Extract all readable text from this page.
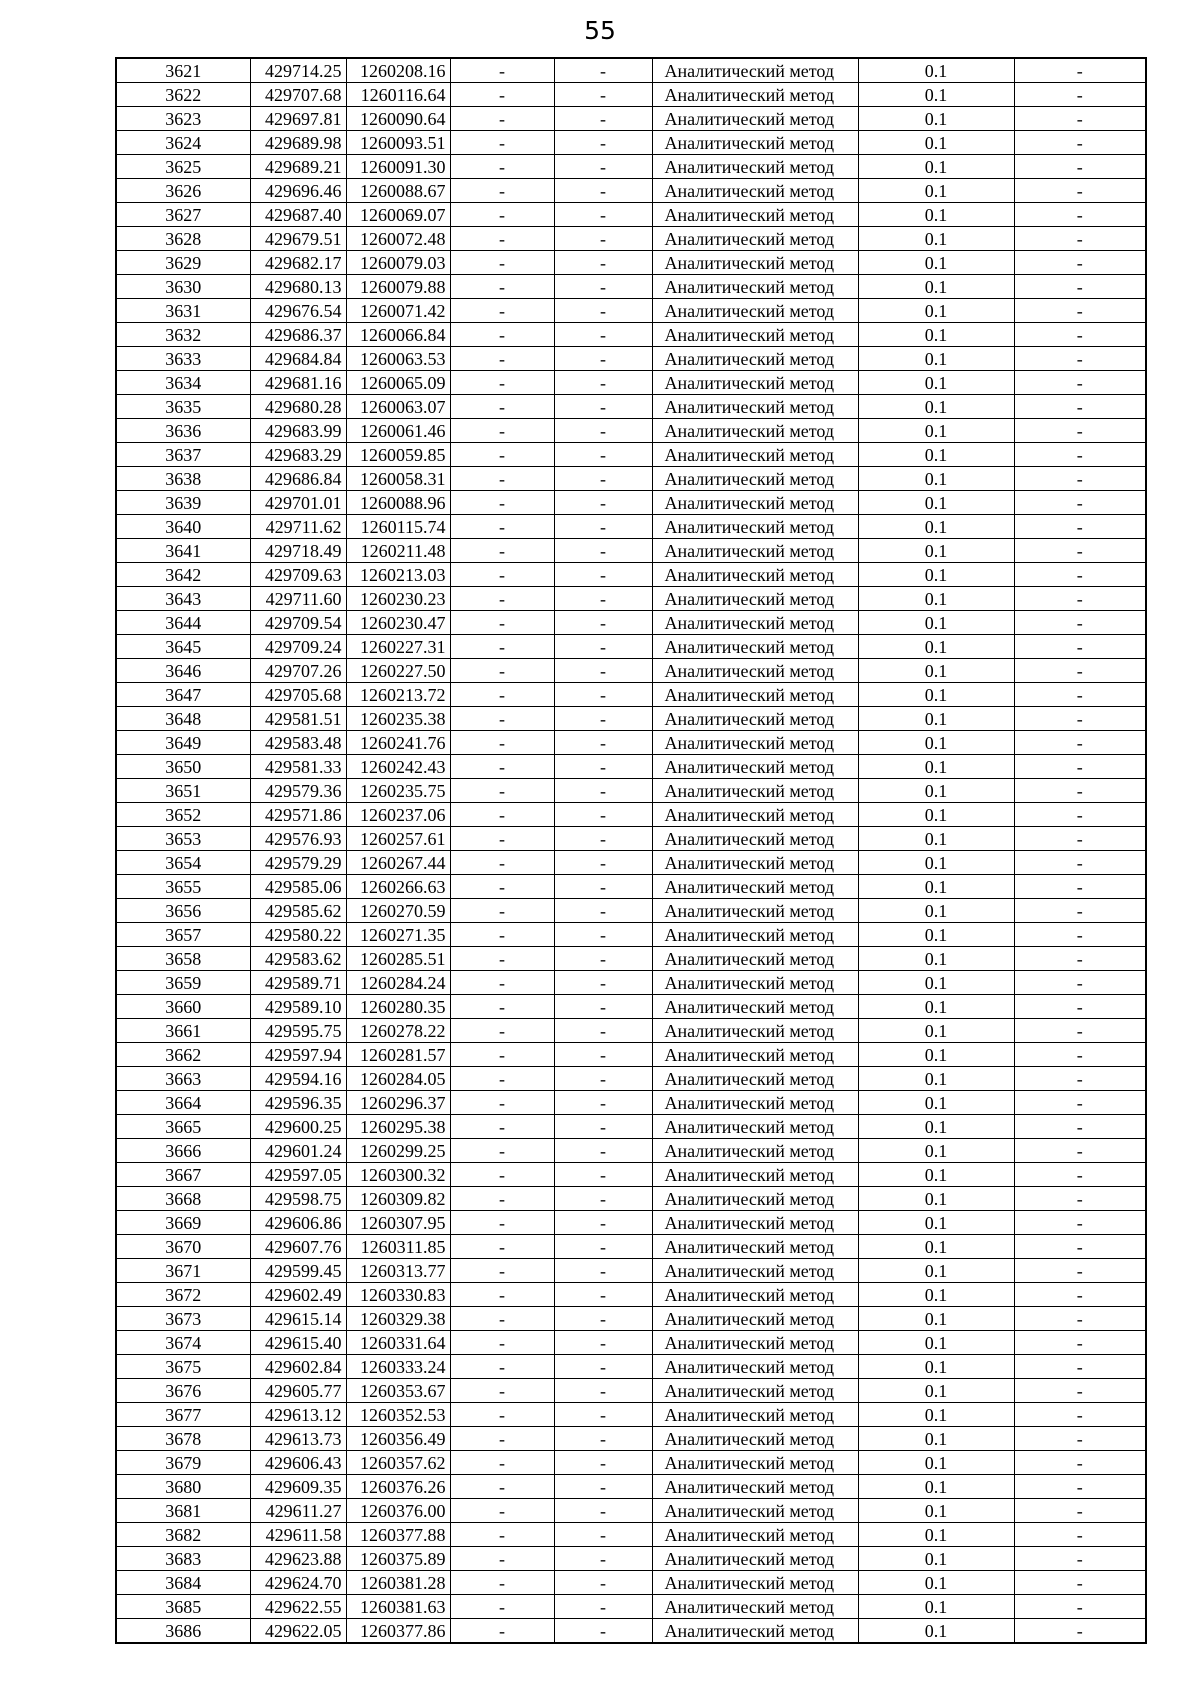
55
3621	429714.25	1260208.16	-	-	Аналитический метод	0.1	-
3622	429707.68	1260116.64	-	-	Аналитический метод	0.1	-
3623	429697.81	1260090.64	-	-	Аналитический метод	0.1	-
3624	429689.98	1260093.51	-	-	Аналитический метод	0.1	-
3625	429689.21	1260091.30	-	-	Аналитический метод	0.1	-
3626	429696.46	1260088.67	-	-	Аналитический метод	0.1	-
3627	429687.40	1260069.07	-	-	Аналитический метод	0.1	-
3628	429679.51	1260072.48	-	-	Аналитический метод	0.1	-
3629	429682.17	1260079.03	-	-	Аналитический метод	0.1	-
3630	429680.13	1260079.88	-	-	Аналитический метод	0.1	-
3631	429676.54	1260071.42	-	-	Аналитический метод	0.1	-
3632	429686.37	1260066.84	-	-	Аналитический метод	0.1	-
3633	429684.84	1260063.53	-	-	Аналитический метод	0.1	-
3634	429681.16	1260065.09	-	-	Аналитический метод	0.1	-
3635	429680.28	1260063.07	-	-	Аналитический метод	0.1	-
3636	429683.99	1260061.46	-	-	Аналитический метод	0.1	-
3637	429683.29	1260059.85	-	-	Аналитический метод	0.1	-
3638	429686.84	1260058.31	-	-	Аналитический метод	0.1	-
3639	429701.01	1260088.96	-	-	Аналитический метод	0.1	-
3640	429711.62	1260115.74	-	-	Аналитический метод	0.1	-
3641	429718.49	1260211.48	-	-	Аналитический метод	0.1	-
3642	429709.63	1260213.03	-	-	Аналитический метод	0.1	-
3643	429711.60	1260230.23	-	-	Аналитический метод	0.1	-
3644	429709.54	1260230.47	-	-	Аналитический метод	0.1	-
3645	429709.24	1260227.31	-	-	Аналитический метод	0.1	-
3646	429707.26	1260227.50	-	-	Аналитический метод	0.1	-
3647	429705.68	1260213.72	-	-	Аналитический метод	0.1	-
3648	429581.51	1260235.38	-	-	Аналитический метод	0.1	-
3649	429583.48	1260241.76	-	-	Аналитический метод	0.1	-
3650	429581.33	1260242.43	-	-	Аналитический метод	0.1	-
3651	429579.36	1260235.75	-	-	Аналитический метод	0.1	-
3652	429571.86	1260237.06	-	-	Аналитический метод	0.1	-
3653	429576.93	1260257.61	-	-	Аналитический метод	0.1	-
3654	429579.29	1260267.44	-	-	Аналитический метод	0.1	-
3655	429585.06	1260266.63	-	-	Аналитический метод	0.1	-
3656	429585.62	1260270.59	-	-	Аналитический метод	0.1	-
3657	429580.22	1260271.35	-	-	Аналитический метод	0.1	-
3658	429583.62	1260285.51	-	-	Аналитический метод	0.1	-
3659	429589.71	1260284.24	-	-	Аналитический метод	0.1	-
3660	429589.10	1260280.35	-	-	Аналитический метод	0.1	-
3661	429595.75	1260278.22	-	-	Аналитический метод	0.1	-
3662	429597.94	1260281.57	-	-	Аналитический метод	0.1	-
3663	429594.16	1260284.05	-	-	Аналитический метод	0.1	-
3664	429596.35	1260296.37	-	-	Аналитический метод	0.1	-
3665	429600.25	1260295.38	-	-	Аналитический метод	0.1	-
3666	429601.24	1260299.25	-	-	Аналитический метод	0.1	-
3667	429597.05	1260300.32	-	-	Аналитический метод	0.1	-
3668	429598.75	1260309.82	-	-	Аналитический метод	0.1	-
3669	429606.86	1260307.95	-	-	Аналитический метод	0.1	-
3670	429607.76	1260311.85	-	-	Аналитический метод	0.1	-
3671	429599.45	1260313.77	-	-	Аналитический метод	0.1	-
3672	429602.49	1260330.83	-	-	Аналитический метод	0.1	-
3673	429615.14	1260329.38	-	-	Аналитический метод	0.1	-
3674	429615.40	1260331.64	-	-	Аналитический метод	0.1	-
3675	429602.84	1260333.24	-	-	Аналитический метод	0.1	-
3676	429605.77	1260353.67	-	-	Аналитический метод	0.1	-
3677	429613.12	1260352.53	-	-	Аналитический метод	0.1	-
3678	429613.73	1260356.49	-	-	Аналитический метод	0.1	-
3679	429606.43	1260357.62	-	-	Аналитический метод	0.1	-
3680	429609.35	1260376.26	-	-	Аналитический метод	0.1	-
3681	429611.27	1260376.00	-	-	Аналитический метод	0.1	-
3682	429611.58	1260377.88	-	-	Аналитический метод	0.1	-
3683	429623.88	1260375.89	-	-	Аналитический метод	0.1	-
3684	429624.70	1260381.28	-	-	Аналитический метод	0.1	-
3685	429622.55	1260381.63	-	-	Аналитический метод	0.1	-
3686	429622.05	1260377.86	-	-	Аналитический метод	0.1	-
